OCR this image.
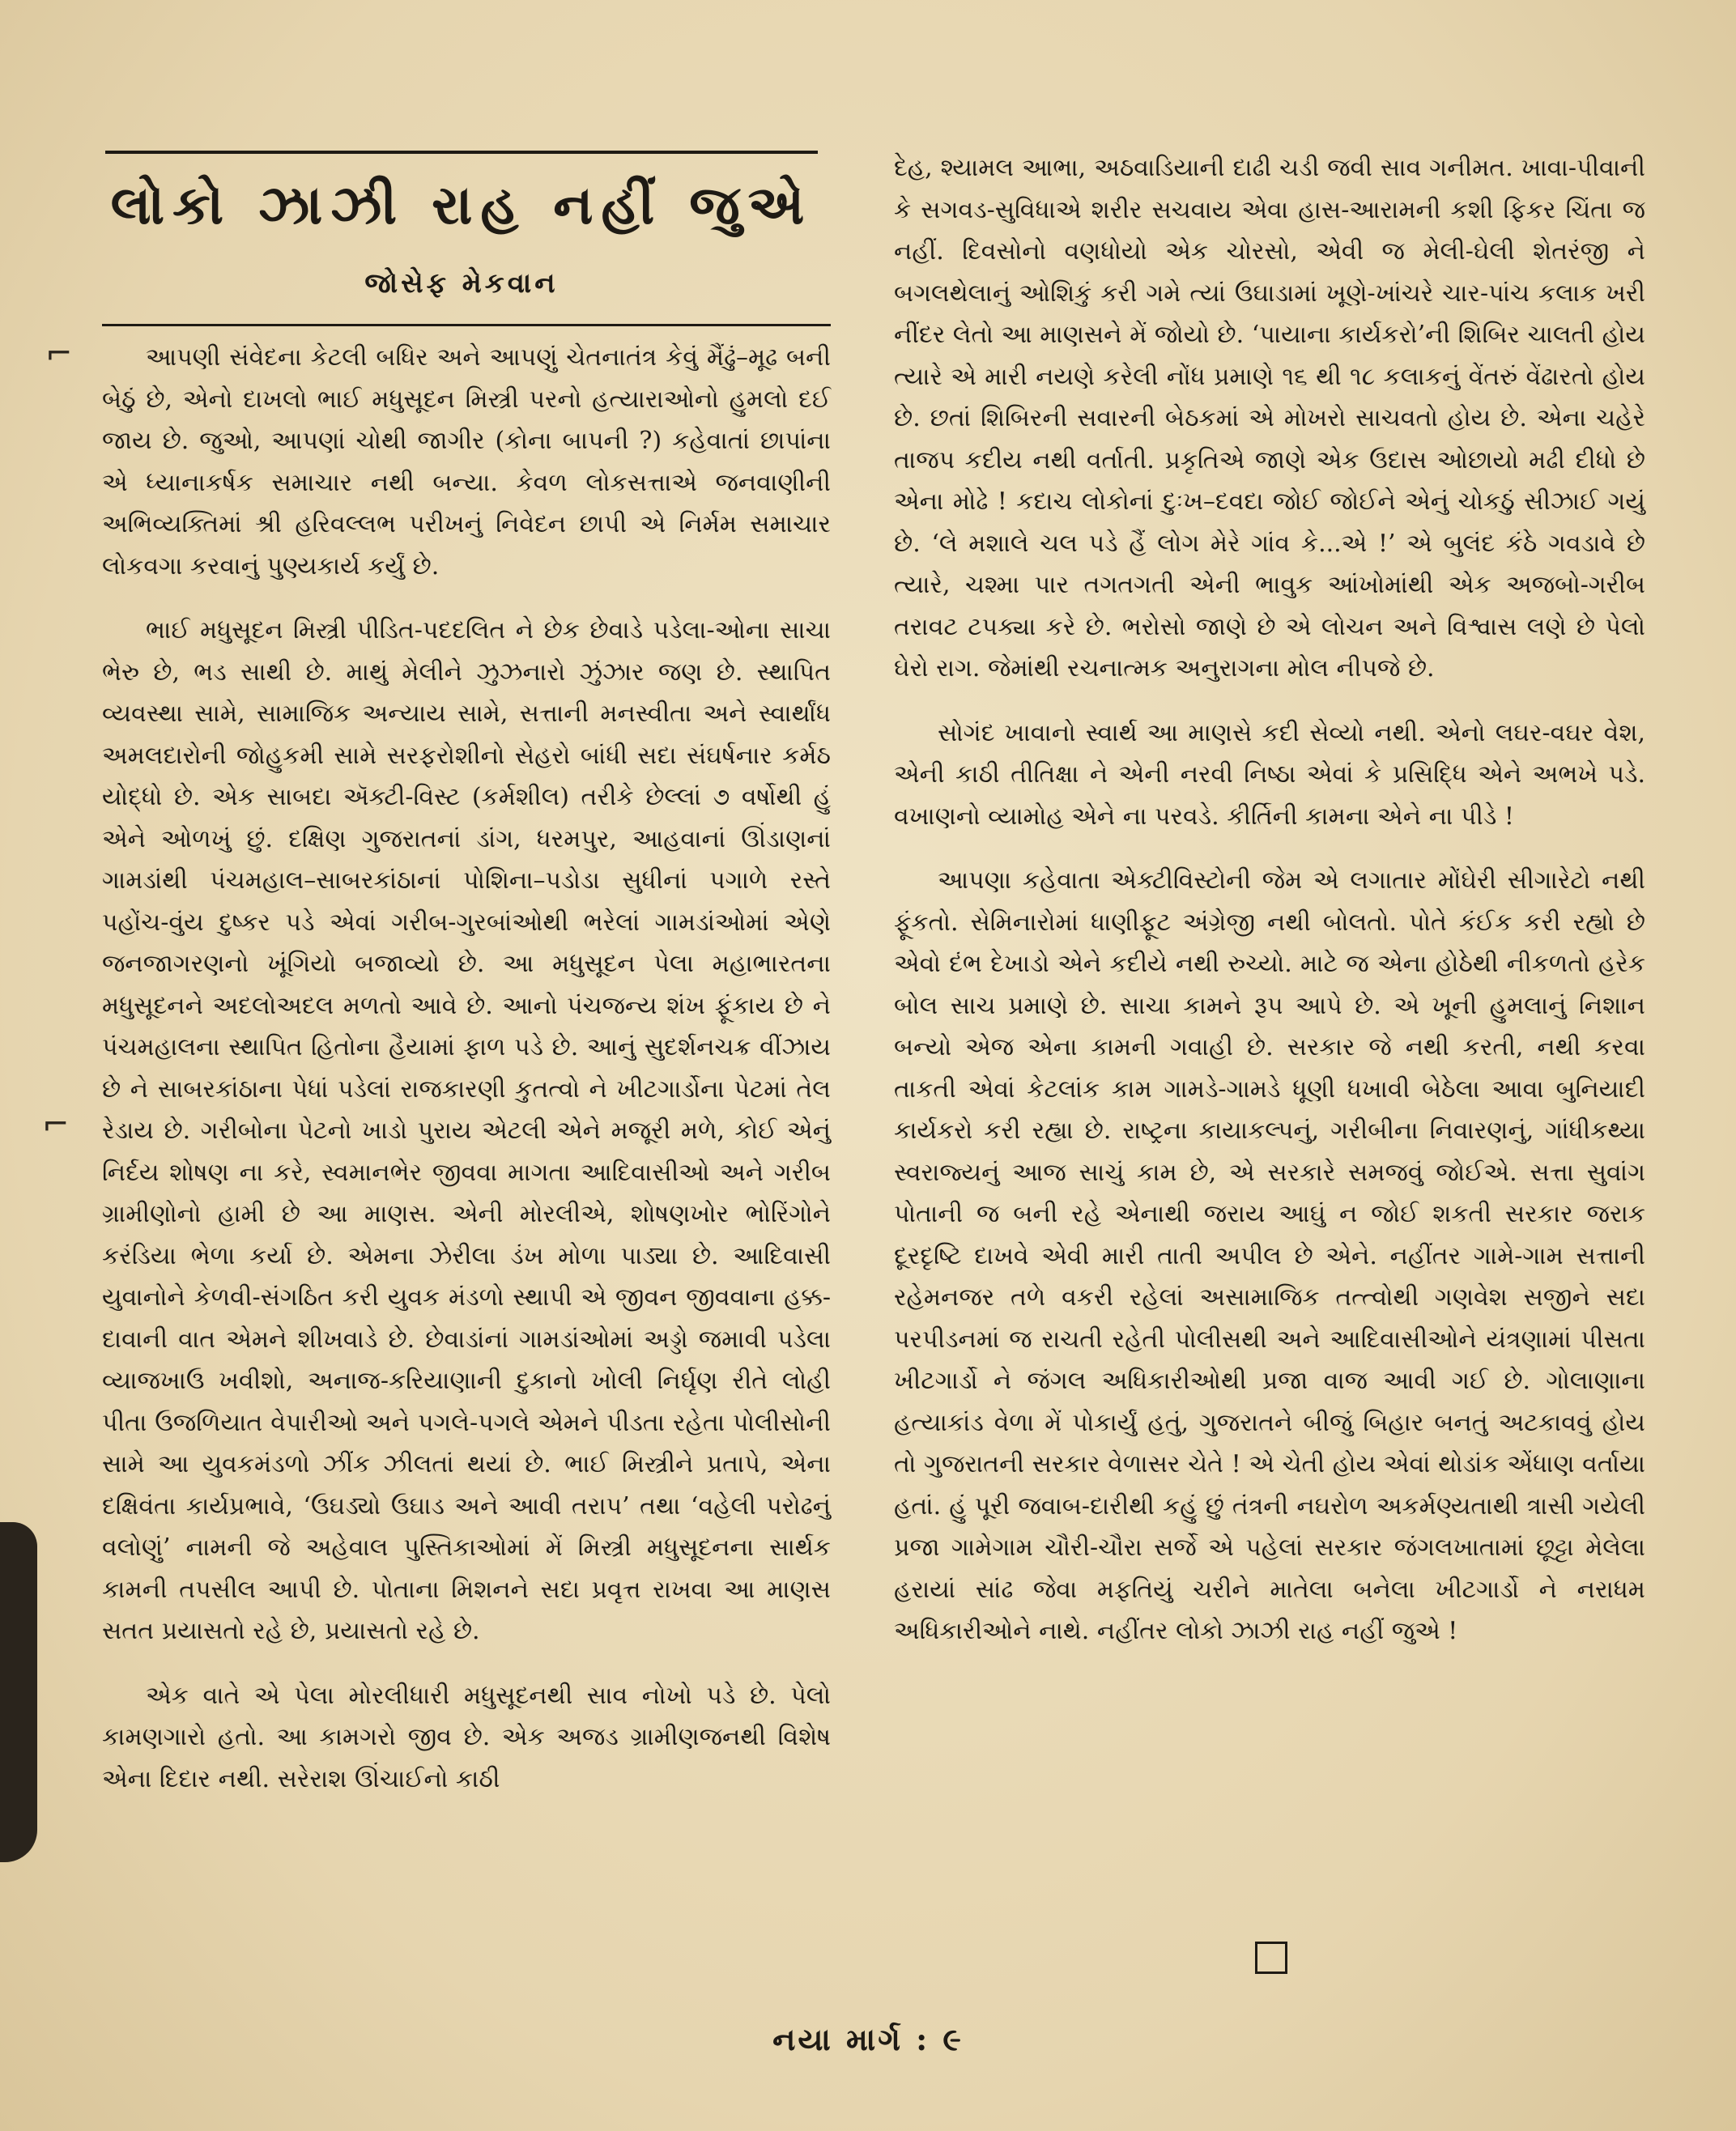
⌐
⌐
લોકો ઝાઝી રાહ નહીં જુએ
જોસેફ મેકવાન

આપણી સંવેદના કેટલી બધિર અને આપણું ચેતનાતંત્ર કેવું મૈંઢું–મૂઢ બની બેઠું છે, એનો દાખલો ભાઈ મધુસૂદન મિસ્ત્રી પરનો હત્યારાઓનો હુમલો દઈ જાય છે. જુઓ, આપણાં ચોથી જાગીર (કોના બાપની ?) કહેવાતાં છાપાંના એ ધ્યાનાકર્ષક સમાચાર નથી બન્યા. કેવળ લોકસત્તાએ જનવાણીની અભિવ્યક્તિમાં શ્રી હરિવલ્લભ પરીખનું નિવેદન છાપી એ નિર્મમ સમાચાર લોકવગા કરવાનું પુણ્યકાર્ય કર્યું છે.

ભાઈ મધુસૂદન મિસ્ત્રી પીડિત-પદદલિત ને છેક છેવાડે પડેલા-ઓના સાચા ભેરુ છે, ભડ સાથી છે. માથું મેલીને ઝુઝનારો ઝુંઝાર જણ છે. સ્થાપિત વ્યવસ્થા સામે, સામાજિક અન્યાય સામે, સત્તાની મનસ્વીતા અને સ્વાર્થાંધ અમલદારોની જોહુકમી સામે સરફરોશીનો સેહરો બાંધી સદા સંઘર્ષનાર કર્મઠ યોદ્ધો છે. એક સાબદા ઍક્ટી-વિસ્ટ (કર્મશીલ) તરીકે છેલ્લાં ૭ વર્ષોથી હું એને ઓળખું છું. દક્ષિણ ગુજરાતનાં ડાંગ, ધરમપુર, આહવાનાં ઊંડાણનાં ગામડાંથી પંચમહાલ–સાબરકાંઠાનાં પોશિના–પડોડા સુધીનાં પગાળે રસ્તે પહોંચ-વુંય દુષ્કર પડે એવાં ગરીબ-ગુરબાંઓથી ભરેલાં ગામડાંઓમાં એણે જનજાગરણનો ખૂંગિયો બજાવ્યો છે. આ મધુસૂદન પેલા મહાભારતના મધુસૂદનને અદલોઅદલ મળતો આવે છે. આનો પંચજન્ય શંખ ફૂંકાય છે ને પંચમહાલના સ્થાપિત હિતોના હૈયામાં ફાળ પડે છે. આનું સુદર્શનચક્ર વીંઝાય છે ને સાબરકાંઠાના પેધાં પડેલાં રાજકારણી કુતત્વો ને ખીટગાર્ડોના પેટમાં તેલ રેડાય છે. ગરીબોના પેટનો ખાડો પુરાય એટલી એને મજૂરી મળે, કોઈ એનું નિર્દય શોષણ ના કરે, સ્વમાનભેર જીવવા માગતા આદિવાસીઓ અને ગરીબ ગ્રામીણોનો હામી છે આ માણસ. એની મોરલીએ, શોષણખોર ભોરિંગોને કરંડિયા ભેળા કર્યા છે. એમના ઝેરીલા ડંખ મોળા પાડ્યા છે. આદિવાસી યુવાનોને કેળવી-સંગઠિત કરી યુવક મંડળો સ્થાપી એ જીવન જીવવાના હક્ક-દાવાની વાત એમને શીખવાડે છે. છેવાડાંનાં ગામડાંઓમાં અડ્ડો જમાવી પડેલા વ્યાજખાઉ ખવીશો, અનાજ-કરિયાણાની દુકાનો ખોલી નિર્ઘૃણ રીતે લોહી પીતા ઉજળિયાત વેપારીઓ અને પગલે-પગલે એમને પીડતા રહેતા પોલીસોની સામે આ યુવકમંડળો ઝીંક ઝીલતાં થયાં છે. ભાઈ મિસ્ત્રીને પ્રતાપે, એના દક્ષિવંતા કાર્યપ્રભાવે, ‘ઉઘડ્યો ઉઘાડ અને આવી તરાપ’ તથા ‘વહેલી પરોઢનું વલોણું’ નામની જે અહેવાલ પુસ્તિકાઓમાં મેં મિસ્ત્રી મધુસૂદનના સાર્થક કામની તપસીલ આપી છે. પોતાના મિશનને સદા પ્રવૃત્ત રાખવા આ માણસ સતત પ્રયાસતો રહે છે, પ્રયાસતો રહે છે.

એક વાતે એ પેલા મોરલીધારી મધુસૂદનથી સાવ નોખો પડે છે. પેલો કામણગારો હતો. આ કામગરો જીવ છે. એક અજડ ગ્રામીણજનથી વિશેષ એના દિદાર નથી. સરેરાશ ઊંચાઈનો કાઠી

દેહ, શ્યામલ આભા, અઠવાડિયાની દાઢી ચડી જવી સાવ ગનીમત. ખાવા-પીવાની કે સગવડ-સુવિધાએ શરીર સચવાય એવા હાસ-આરામની કશી ફિકર ચિંતા જ નહીં. દિવસોનો વણધોયો એક ચોરસો, એવી જ મેલી-ઘેલી શેતરંજી ને બગલથેલાનું ઓશિકું કરી ગમે ત્યાં ઉઘાડામાં ખૂણે-ખાંચરે ચાર-પાંચ કલાક ખરી નીંદર લેતો આ માણસને મેં જોયો છે. ‘પાયાના કાર્યકરો’ની શિબિર ચાલતી હોય ત્યારે એ મારી નયણે કરેલી નોંધ પ્રમાણે ૧૬ થી ૧૮ કલાકનું વેંતરું વેંઢારતો હોય છે. છતાં શિબિરની સવારની બેઠકમાં એ મોખરો સાચવતો હોય છે. એના ચહેરે તાજપ કદીય નથી વર્તાતી. પ્રકૃતિએ જાણે એક ઉદાસ ઓછાયો મઢી દીધો છે એના મોઢે ! કદાચ લોકોનાં દુઃખ–દવદા જોઈ જોઈને એનું ચોકઠું સીઝાઈ ગયું છે. ‘લે મશાલે ચલ પડે હૈં લોગ મેરે ગાંવ કે...એ !’ એ બુલંદ કંઠે ગવડાવે છે ત્યારે, ચશ્મા પાર તગતગતી એની ભાવુક આંખોમાંથી એક અજબો-ગરીબ તરાવટ ટપક્યા કરે છે. ભરોસો જાણે છે એ લોચન અને વિશ્વાસ લણે છે પેલો ઘેરો રાગ. જેમાંથી રચનાત્મક અનુરાગના મોલ નીપજે છે.

સોગંદ ખાવાનો સ્વાર્થ આ માણસે કદી સેવ્યો નથી. એનો લઘર-વઘર વેશ, એની કાઠી તીતિક્ષા ને એની નરવી નિષ્ઠા એવાં કે પ્રસિદ્ધિ એને અભખે પડે. વખાણનો વ્યામોહ એને ના પરવડે. કીર્તિની કામના એને ના પીડે !

આપણા કહેવાતા એક્ટીવિસ્ટોની જેમ એ લગાતાર મોંઘેરી સીગારેટો નથી ફૂંકતો. સેમિનારોમાં ધાણીફૂટ અંગ્રેજી નથી બોલતો. પોતે કંઈક કરી રહ્યો છે એવો દંભ દેખાડો એને કદીયે નથી રુચ્યો. માટે જ એના હોઠેથી નીકળતો હરેક બોલ સાચ પ્રમાણે છે. સાચા કામને રૂપ આપે છે. એ ખૂની હુમલાનું નિશાન બન્યો એજ એના કામની ગવાહી છે. સરકાર જે નથી કરતી, નથી કરવા તાકતી એવાં કેટલાંક કામ ગામડે-ગામડે ધૂણી ધખાવી બેઠેલા આવા બુનિયાદી કાર્યકરો કરી રહ્યા છે. રાષ્ટ્રના કાયાકલ્પનું, ગરીબીના નિવારણનું, ગાંધીકથ્યા સ્વરાજ્યનું આજ સાચું કામ છે, એ સરકારે સમજવું જોઈએ. સત્તા સુવાંગ પોતાની જ બની રહે એનાથી જરાય આઘું ન જોઈ શકતી સરકાર જરાક દૂરદૃષ્ટિ દાખવે એવી મારી તાતી અપીલ છે એને. નહીંતર ગામે-ગામ સત્તાની રહેમનજર તળે વકરી રહેલાં અસામાજિક તત્ત્વોથી ગણવેશ સજીને સદા પરપીડનમાં જ રાચતી રહેતી પોલીસથી અને આદિવાસીઓને યંત્રણામાં પીસતા ખીટગાર્ડો ને જંગલ અધિકારીઓથી પ્રજા વાજ આવી ગઈ છે. ગોલાણાના હત્યાકાંડ વેળા મેં પોકાર્યું હતું, ગુજરાતને બીજું બિહાર બનતું અટકાવવું હોય તો ગુજરાતની સરકાર વેળાસર ચેતે ! એ ચેતી હોય એવાં થોડાંક એંધાણ વર્તાયા હતાં. હું પૂરી જવાબ-દારીથી કહું છું તંત્રની નઘરોળ અકર્મણ્યતાથી ત્રાસી ગયેલી પ્રજા ગામેગામ ચૌરી-ચૌરા સર્જે એ પહેલાં સરકાર જંગલખાતામાં છૂટ્ટા મેલેલા હરાયાં સાંઢ જેવા મફતિયું ચરીને માતેલા બનેલા ખીટગાર્ડો ને નરાધમ અધિકારીઓને નાથે. નહીંતર લોકો ઝાઝી રાહ નહીં જુએ !

નયા માર્ગ : ૯
